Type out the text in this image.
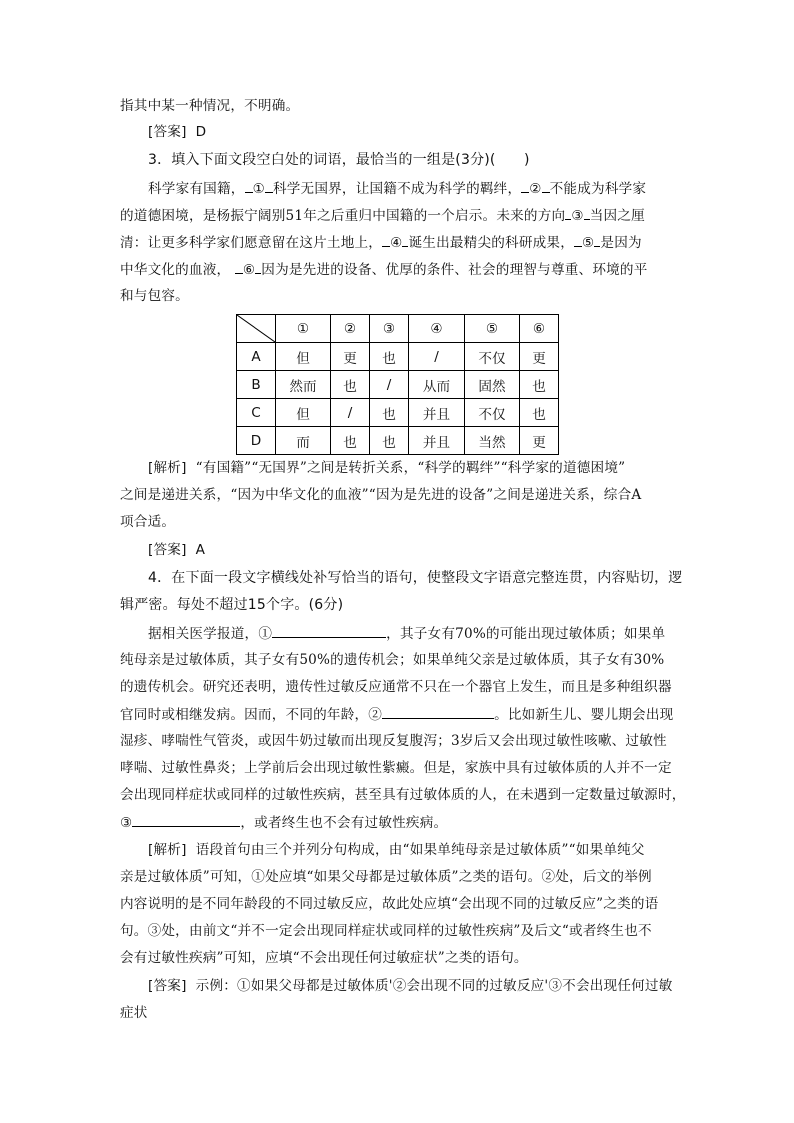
指其中某一种情况，不明确。
[答案] D
3．填入下面文段空白处的词语，最恰当的一组是(3分)(　　)
科学家有国籍， ① 科学无国界，让国籍不成为科学的羁绊， ② 不能成为科学家
的道德困境，是杨振宁阔别51年之后重归中国籍的一个启示。未来的方向 ③ 当因之厘
清：让更多科学家们愿意留在这片土地上， ④ 诞生出最精尖的科研成果， ⑤ 是因为
中华文化的血液， ⑥ 因为是先进的设备、优厚的条件、社会的理智与尊重、环境的平
和与包容。
	①	②	③	④	⑤	⑥
A	但	更	也	/	不仅	更
B	然而	也	/	从而	固然	也
C	但	/	也	并且	不仅	也
D	而	也	也	并且	当然	更
[解析] “有国籍”“无国界”之间是转折关系，“科学的羁绊”“科学家的道德困境”
之间是递进关系，“因为中华文化的血液”“因为是先进的设备”之间是递进关系，综合A
项合适。
[答案] A
4．在下面一段文字横线处补写恰当的语句，使整段文字语意完整连贯，内容贴切，逻
辑严密。每处不超过15个字。(6分)
据相关医学报道，①	，其子女有70%的可能出现过敏体质；如果单
纯母亲是过敏体质，其子女有50%的遗传机会；如果单纯父亲是过敏体质，其子女有30%
的遗传机会。研究还表明，遗传性过敏反应通常不只在一个器官上发生，而且是多种组织器
官同时或相继发病。因而，不同的年龄，②	。比如新生儿、婴儿期会出现
湿疹、哮喘性气管炎，或因牛奶过敏而出现反复腹泻；3岁后又会出现过敏性咳嗽、过敏性
哮喘、过敏性鼻炎；上学前后会出现过敏性紫癜。但是，家族中具有过敏体质的人并不一定
会出现同样症状或同样的过敏性疾病，甚至具有过敏体质的人，在未遇到一定数量过敏源时，
③	，或者终生也不会有过敏性疾病。
[解析] 语段首句由三个并列分句构成，由“如果单纯母亲是过敏体质”“如果单纯父
亲是过敏体质”可知，①处应填“如果父母都是过敏体质”之类的语句。②处，后文的举例
内容说明的是不同年龄段的不同过敏反应，故此处应填“会出现不同的过敏反应”之类的语
句。③处，由前文“并不一定会出现同样症状或同样的过敏性疾病”及后文“或者终生也不
会有过敏性疾病”可知，应填“不会出现任何过敏症状”之类的语句。
[答案] 示例：①如果父母都是过敏体质'②会出现不同的过敏反应'③不会出现任何过敏
症状
